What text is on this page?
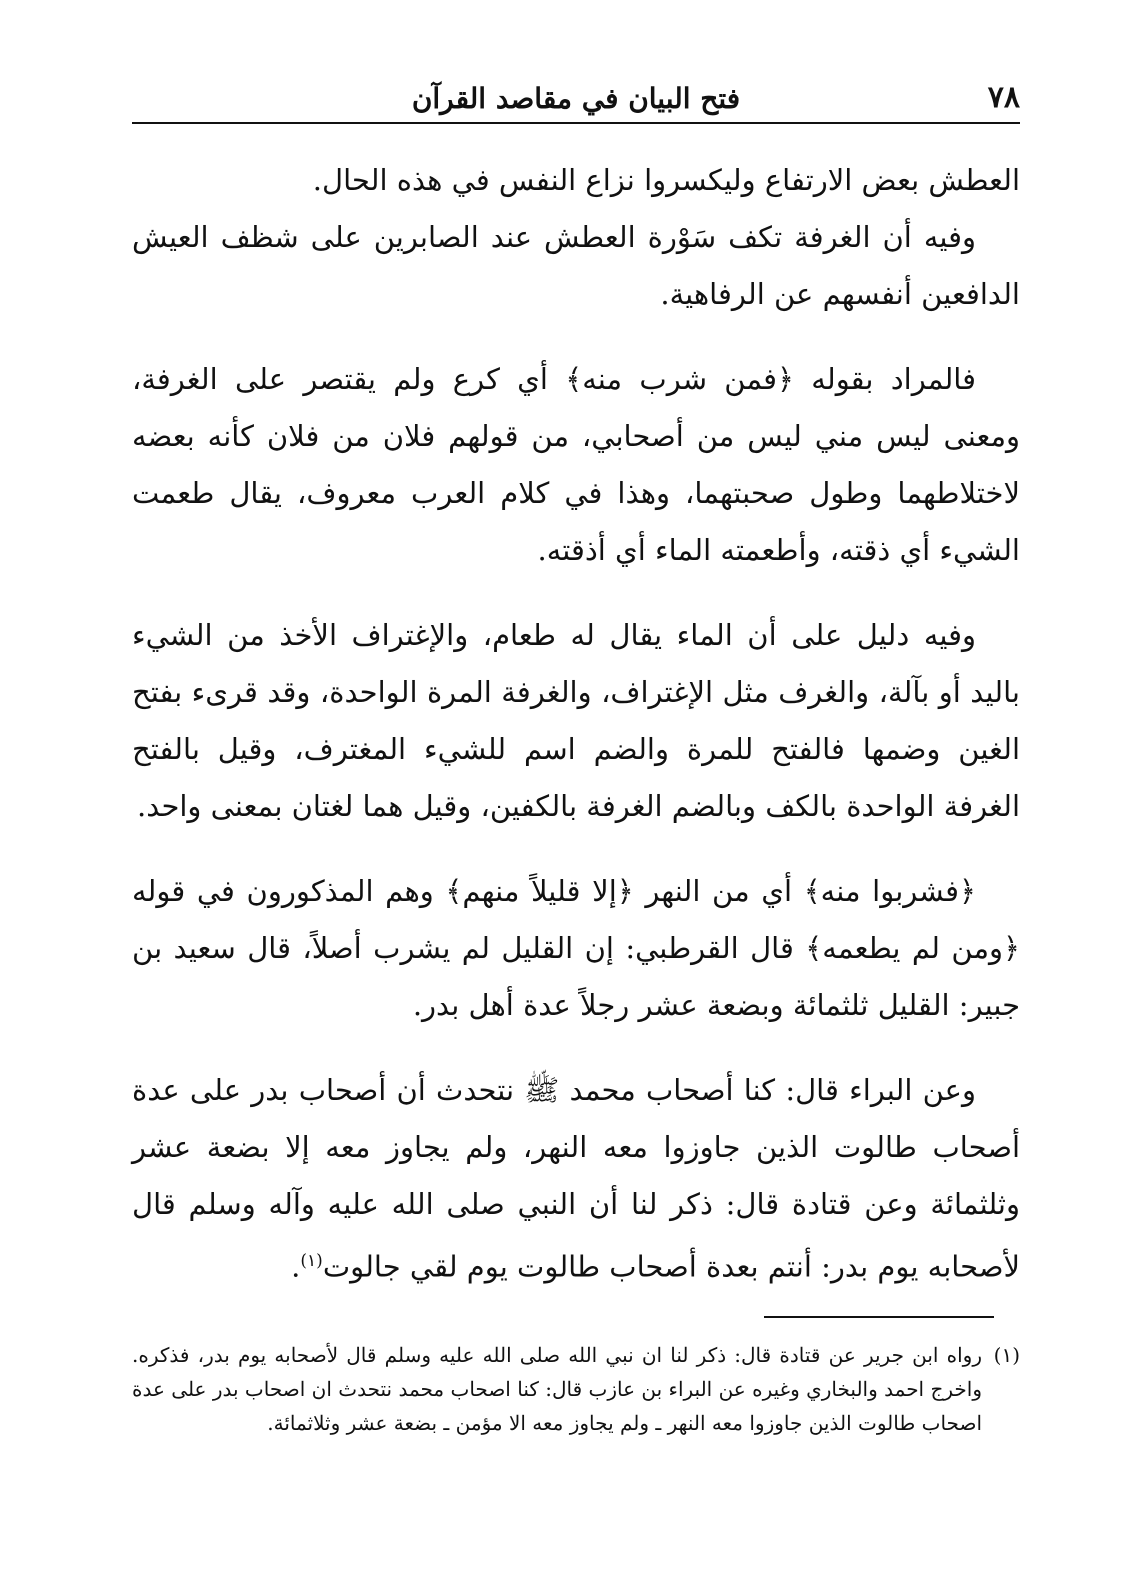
٧٨
فتح البيان في مقاصد القرآن

العطش بعض الارتفاع وليكسروا نزاع النفس في هذه الحال.

وفيه أن الغرفة تكف سَوْرة العطش عند الصابرين على شظف العيش الدافعين أنفسهم عن الرفاهية.

فالمراد بقوله ﴿فمن شرب منه﴾ أي كرع ولم يقتصر على الغرفة، ومعنى ليس مني ليس من أصحابي، من قولهم فلان من فلان كأنه بعضه لاختلاطهما وطول صحبتهما، وهذا في كلام العرب معروف، يقال طعمت الشيء أي ذقته، وأطعمته الماء أي أذقته.

وفيه دليل على أن الماء يقال له طعام، والإغتراف الأخذ من الشيء باليد أو بآلة، والغرف مثل الإغتراف، والغرفة المرة الواحدة، وقد قرىء بفتح الغين وضمها فالفتح للمرة والضم اسم للشيء المغترف، وقيل بالفتح الغرفة الواحدة بالكف وبالضم الغرفة بالكفين، وقيل هما لغتان بمعنى واحد.

﴿فشربوا منه﴾ أي من النهر ﴿إلا قليلاً منهم﴾ وهم المذكورون في قوله ﴿ومن لم يطعمه﴾ قال القرطبي: إن القليل لم يشرب أصلاً، قال سعيد بن جبير: القليل ثلثمائة وبضعة عشر رجلاً عدة أهل بدر.

وعن البراء قال: كنا أصحاب محمد ﷺ نتحدث أن أصحاب بدر على عدة أصحاب طالوت الذين جاوزوا معه النهر، ولم يجاوز معه إلا بضعة عشر وثلثمائة وعن قتادة قال: ذكر لنا أن النبي صلى الله عليه وآله وسلم قال لأصحابه يوم بدر: أنتم بعدة أصحاب طالوت يوم لقي جالوت$^{(١)}$.

(١)
رواه ابن جرير عن قتادة قال: ذكر لنا ان نبي الله صلى الله عليه وسلم قال لأصحابه يوم بدر، فذكره. واخرج احمد والبخاري وغيره عن البراء بن عازب قال: كنا اصحاب محمد نتحدث ان اصحاب بدر على عدة اصحاب طالوت الذين جاوزوا معه النهر ـ ولم يجاوز معه الا مؤمن ـ بضعة عشر وثلاثمائة.
